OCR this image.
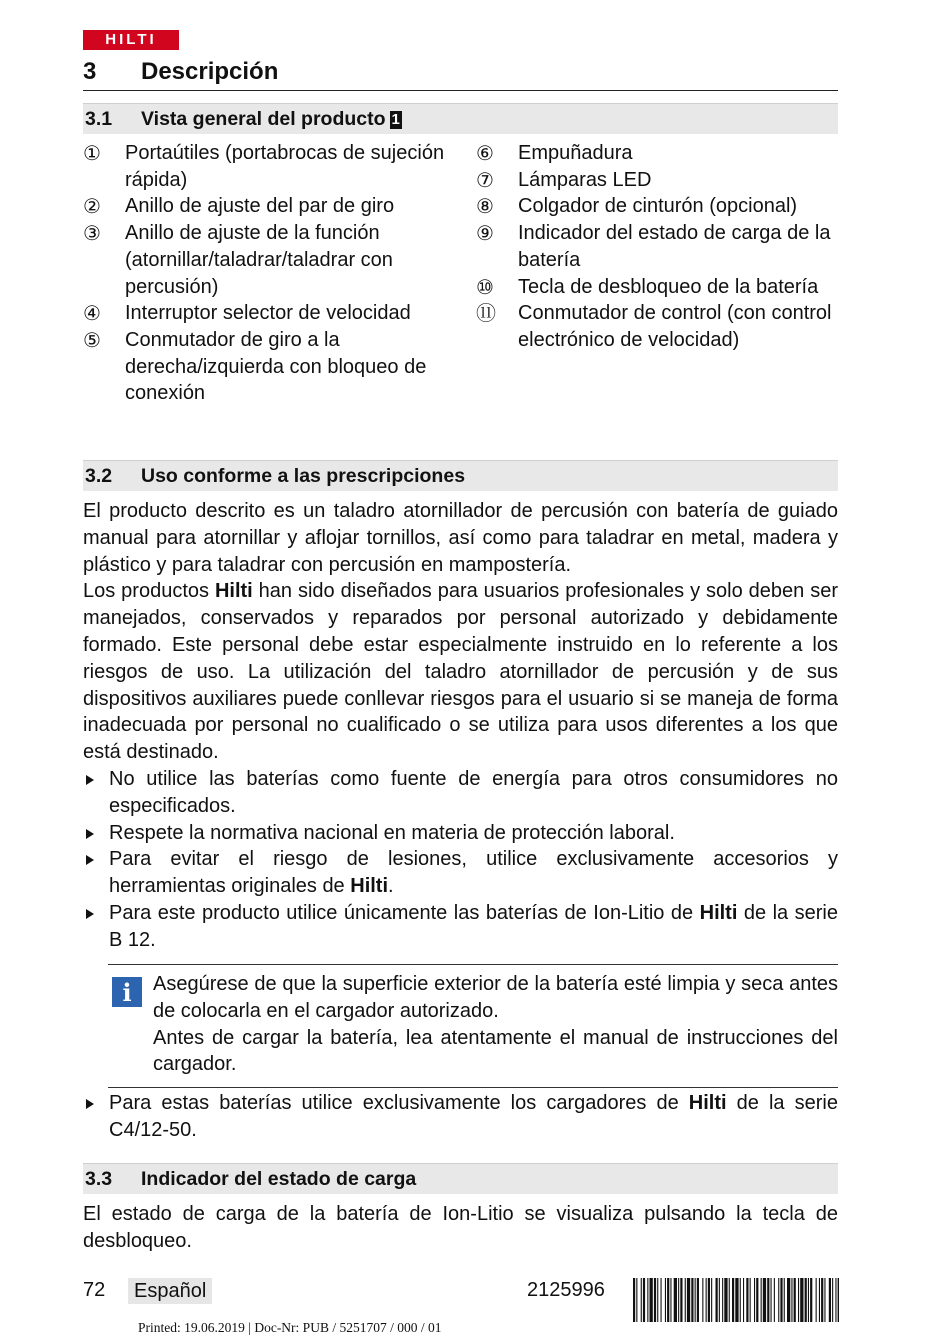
HILTI
3 Descripción
3.1 Vista general del producto 1
①	Portaútiles (portabrocas de sujeción rápida)
②	Anillo de ajuste del par de giro
③	Anillo de ajuste de la función (atornillar/taladrar/taladrar con percusión)
④	Interruptor selector de velocidad
⑤	Conmutador de giro a la derecha/izquierda con bloqueo de conexión
⑥	Empuñadura
⑦	Lámparas LED
⑧	Colgador de cinturón (opcional)
⑨	Indicador del estado de carga de la batería
⑩	Tecla de desbloqueo de la batería
⑪	Conmutador de control (con control electrónico de velocidad)
3.2 Uso conforme a las prescripciones

El producto descrito es un taladro atornillador de percusión con batería de guiado manual para atornillar y aflojar tornillos, así como para taladrar en metal, madera y plástico y para taladrar con percusión en mampostería.

Los productos Hilti han sido diseñados para usuarios profesionales y solo deben ser manejados, conservados y reparados por personal autorizado y debidamente formado. Este personal debe estar especialmente instruido en lo referente a los riesgos de uso. La utilización del taladro atornillador de percusión y de sus dispositivos auxiliares puede conllevar riesgos para el usuario si se maneja de forma inadecuada por personal no cualificado o se utiliza para usos diferentes a los que está destinado.

No utilice las baterías como fuente de energía para otros consumidores no especificados.
Respete la normativa nacional en materia de protección laboral.
Para evitar el riesgo de lesiones, utilice exclusivamente accesorios y herramientas originales de Hilti.
Para este producto utilice únicamente las baterías de Ion-Litio de Hilti de la serie B 12.
i	Asegúrese de que la superficie exterior de la batería esté limpia y seca antes de colocarla en el cargador autorizado.
Antes de cargar la batería, lea atentamente el manual de instrucciones del cargador.
Para estas baterías utilice exclusivamente los cargadores de Hilti de la serie C4/12-50.
3.3 Indicador del estado de carga

El estado de carga de la batería de Ion-Litio se visualiza pulsando la tecla de desbloqueo.

72	Español	2125996
Printed: 19.06.2019 | Doc-Nr: PUB / 5251707 / 000 / 01
